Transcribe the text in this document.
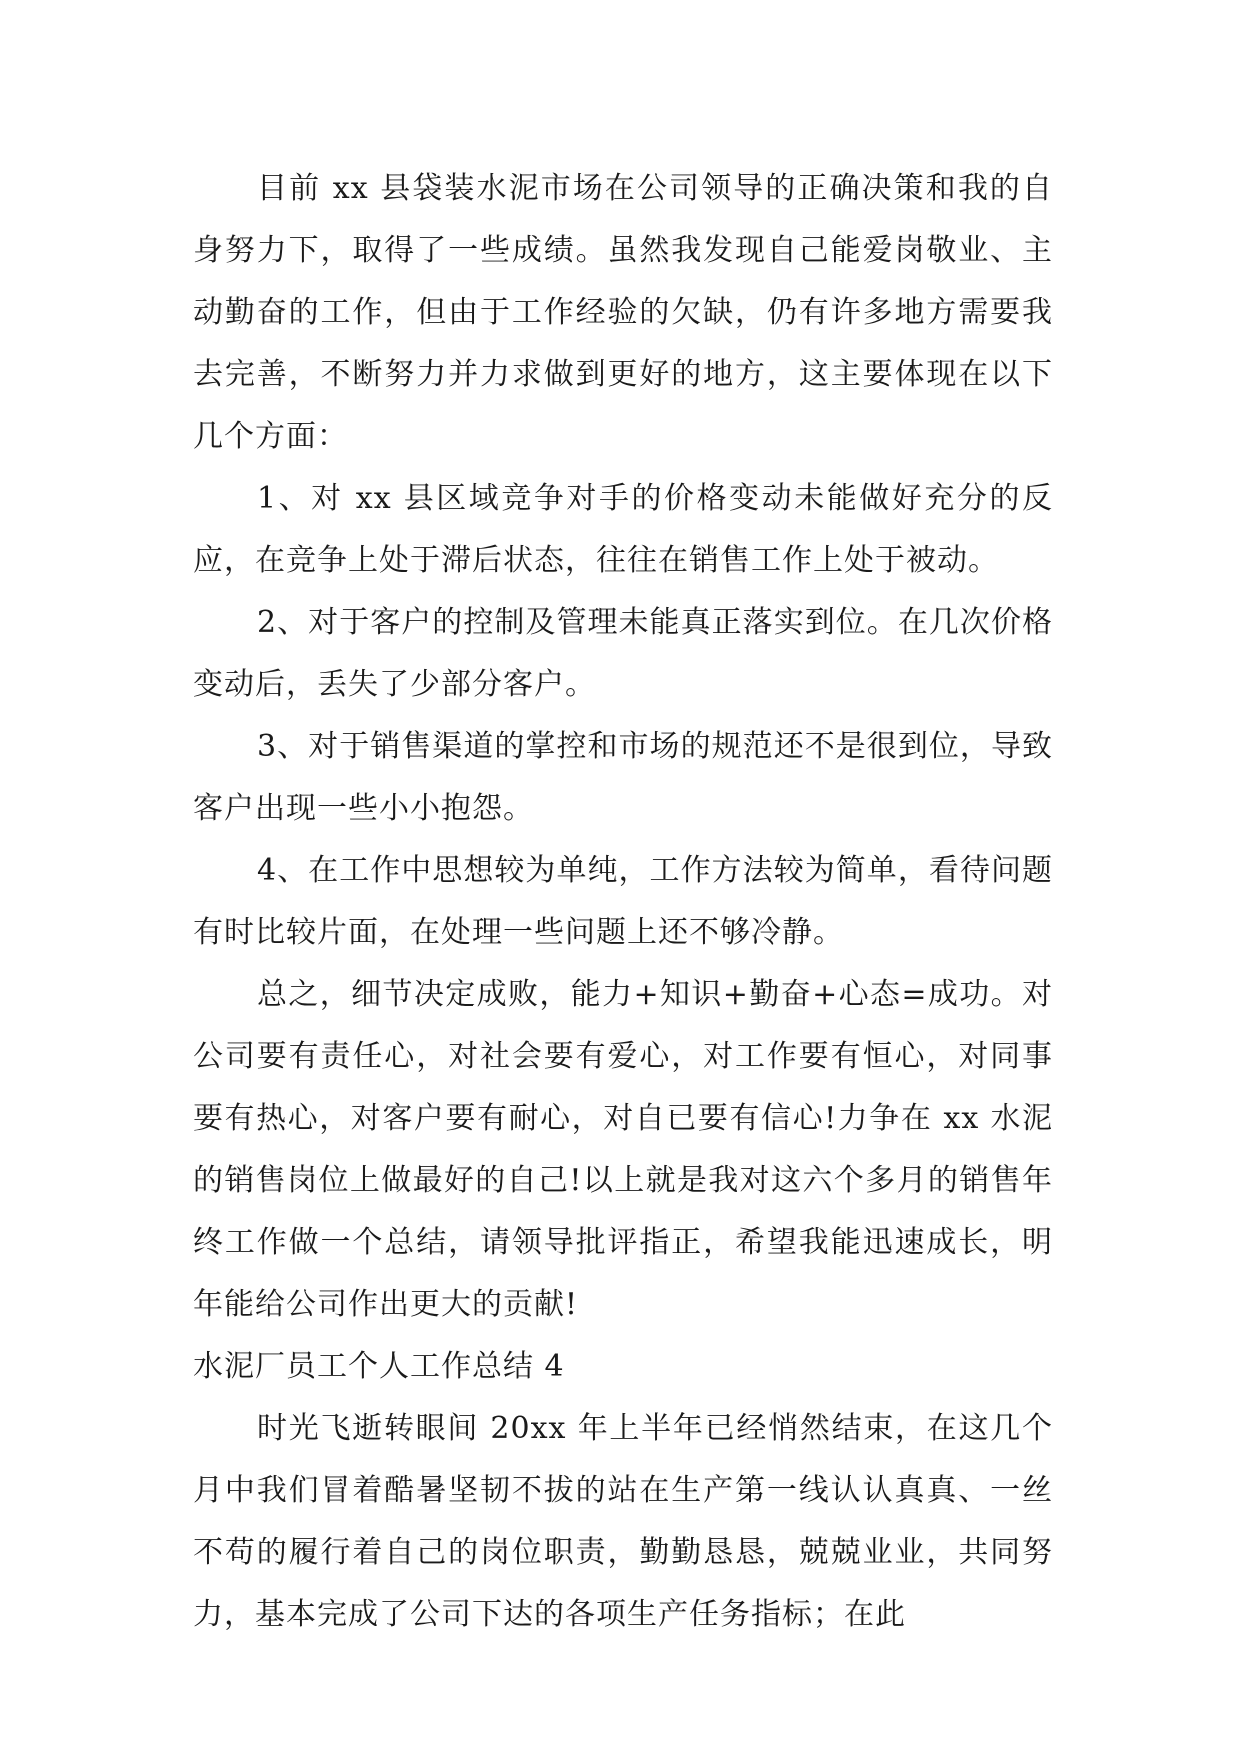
目前 xx 县袋装水泥市场在公司领导的正确决策和我的自身努力下，取得了一些成绩。虽然我发现自己能爱岗敬业、主动勤奋的工作，但由于工作经验的欠缺，仍有许多地方需要我去完善，不断努力并力求做到更好的地方，这主要体现在以下几个方面：

1、对 xx 县区域竞争对手的价格变动未能做好充分的反应，在竞争上处于滞后状态，往往在销售工作上处于被动。

2、对于客户的控制及管理未能真正落实到位。在几次价格变动后，丢失了少部分客户。

3、对于销售渠道的掌控和市场的规范还不是很到位，导致客户出现一些小小抱怨。

4、在工作中思想较为单纯，工作方法较为简单，看待问题有时比较片面，在处理一些问题上还不够冷静。

总之，细节决定成败，能力+知识+勤奋+心态=成功。对公司要有责任心，对社会要有爱心，对工作要有恒心，对同事要有热心，对客户要有耐心，对自已要有信心!力争在 xx 水泥的销售岗位上做最好的自己!以上就是我对这六个多月的销售年终工作做一个总结，请领导批评指正，希望我能迅速成长，明年能给公司作出更大的贡献!

水泥厂员工个人工作总结 4

时光飞逝转眼间 20xx 年上半年已经悄然结束，在这几个月中我们冒着酷暑坚韧不拔的站在生产第一线认认真真、一丝不苟的履行着自己的岗位职责，勤勤恳恳，兢兢业业，共同努力，基本完成了公司下达的各项生产任务指标；在此
